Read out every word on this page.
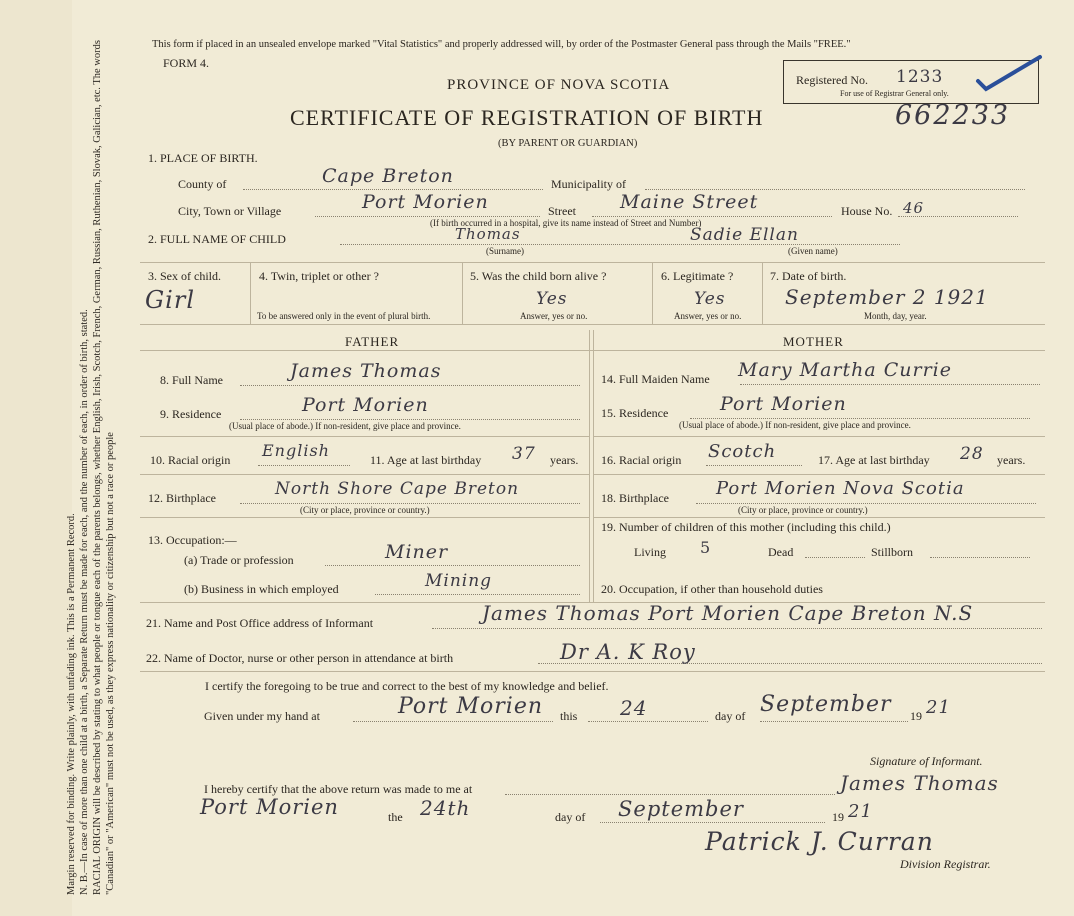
Margin reserved for binding. Write plainly, with unfading ink. This is a Permanent Record. N. B.—In case of more than one child at a birth, a Separate Return must be made for each, and the number of each, in order of birth, stated. RACIAL ORIGIN will be described by stating to what people or tongue each of the parents belongs, whether English, Irish, Scotch, French, German, Russian, Ruthenian, Slovak, Galician, etc. The words "Canadian" or "American" must not be used, as they express nationality or citizenship but not a race or people

This form if placed in an unsealed envelope marked "Vital Statistics" and properly addressed will, by order of the Postmaster General pass through the Mails "FREE."
FORM 4.
PROVINCE OF NOVA SCOTIA	Registered No.
For use of Registrar General only.
1233
CERTIFICATE OF REGISTRATION OF BIRTH	662233
(BY PARENT OR GUARDIAN)
1. PLACE OF BIRTH.
County of	Cape Breton	Municipality of
City, Town or Village	Port Morien	Street Maine Street	House No. 46
(If birth occurred in a hospital, give its name instead of Street and Number)
2. FULL NAME OF CHILD	Thomas	Sadie Ellan
(Surname)	(Given name)
3. Sex of child.
Girl
4. Twin, triplet or other ?
To be answered only in the event of plural birth.
5. Was the child born alive ?
Yes
Answer, yes or no.
6. Legitimate ?
Yes
Answer, yes or no.
7. Date of birth.
September 2 1921
Month, day, year.
FATHER	MOTHER
8. Full Name	James Thomas	14. Full Maiden Name Mary Martha Currie
9. Residence	Port Morien
(Usual place of abode.) If non-resident, give place and province.
15. Residence	Port Morien
(Usual place of abode.) If non-resident, give place and province.
10. Racial origin English	11. Age at last birthday 37 years. 16. Racial origin Scotch	17. Age at last birthday 28 years.
12. Birthplace	North Shore Cape Breton
(City or place, province or country.)
18. Birthplace	Port Morien Nova Scotia
(City or place, province or country.)
13. Occupation:—
(a) Trade or profession	Miner
(b) Business in which employed	Mining
19. Number of children of this mother (including this child.)
Living 5	Dead	Stillborn
20. Occupation, if other than household duties
21. Name and Post Office address of Informant	James Thomas Port Morien Cape Breton N.S
22. Name of Doctor, nurse or other person in attendance at birth	Dr A. K Roy
I certify the foregoing to be true and correct to the best of my knowledge and belief.
Given under my hand at	Port Morien this 24	day of September 19 21
Signature of Informant.
James Thomas
I hereby certify that the above return was made to me at
Port Morien	the 24th	day of September	19 21
Patrick J. Curran
Division Registrar.
